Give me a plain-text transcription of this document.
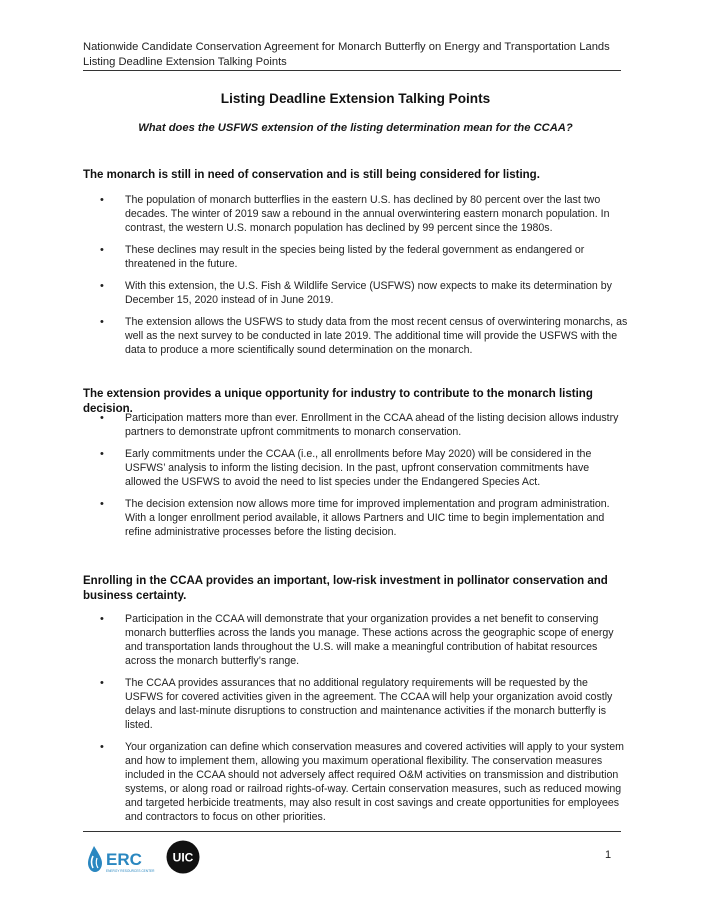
Nationwide Candidate Conservation Agreement for Monarch Butterfly on Energy and Transportation Lands
Listing Deadline Extension Talking Points
Listing Deadline Extension Talking Points
What does the USFWS extension of the listing determination mean for the CCAA?
The monarch is still in need of conservation and is still being considered for listing.
• The population of monarch butterflies in the eastern U.S. has declined by 80 percent over the last two decades. The winter of 2019 saw a rebound in the annual overwintering eastern monarch population. In contrast, the western U.S. monarch population has declined by 99 percent since the 1980s.
• These declines may result in the species being listed by the federal government as endangered or threatened in the future.
• With this extension, the U.S. Fish & Wildlife Service (USFWS) now expects to make its determination by December 15, 2020 instead of in June 2019.
• The extension allows the USFWS to study data from the most recent census of overwintering monarchs, as well as the next survey to be conducted in late 2019. The additional time will provide the USFWS with the data to produce a more scientifically sound determination on the monarch.
The extension provides a unique opportunity for industry to contribute to the monarch listing decision.
• Participation matters more than ever. Enrollment in the CCAA ahead of the listing decision allows industry partners to demonstrate upfront commitments to monarch conservation.
• Early commitments under the CCAA (i.e., all enrollments before May 2020) will be considered in the USFWS’ analysis to inform the listing decision. In the past, upfront conservation commitments have allowed the USFWS to avoid the need to list species under the Endangered Species Act.
• The decision extension now allows more time for improved implementation and program administration. With a longer enrollment period available, it allows Partners and UIC time to begin implementation and refine administrative processes before the listing decision.
Enrolling in the CCAA provides an important, low-risk investment in pollinator conservation and business certainty.
• Participation in the CCAA will demonstrate that your organization provides a net benefit to conserving monarch butterflies across the lands you manage. These actions across the geographic scope of energy and transportation lands throughout the U.S. will make a meaningful contribution of habitat resources across the monarch butterfly’s range.
• The CCAA provides assurances that no additional regulatory requirements will be requested by the USFWS for covered activities given in the agreement. The CCAA will help your organization avoid costly delays and last-minute disruptions to construction and maintenance activities if the monarch butterfly is listed.
• Your organization can define which conservation measures and covered activities will apply to your system and how to implement them, allowing you maximum operational flexibility. The conservation measures included in the CCAA should not adversely affect required O&M activities on transmission and distribution systems, or along road or railroad rights-of-way. Certain conservation measures, such as reduced mowing and targeted herbicide treatments, may also result in cost savings and create opportunities for employees and contractors to focus on other priorities.
ERC
ENERGY RESOURCES CENTER
UIC	1
